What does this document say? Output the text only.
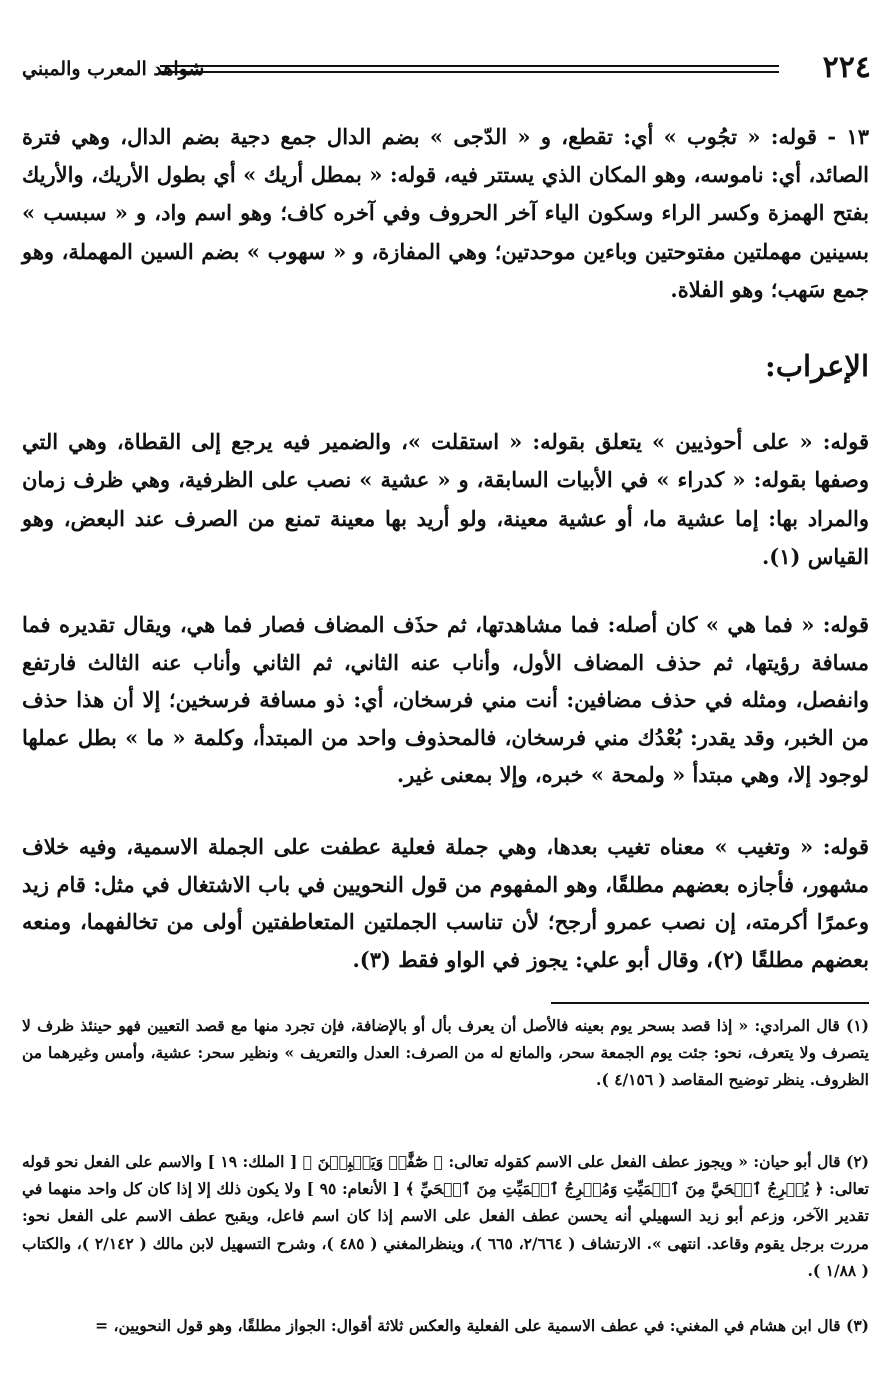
٢٢٤
شواهد المعرب والمبني

١٣ - قوله: « تجُوب » أي: تقطع، و « الدّجى » بضم الدال جمع دجية بضم الدال، وهي فترة الصائد، أي: ناموسه، وهو المكان الذي يستتر فيه، قوله: « بمطل أريك » أي بطول الأريك، والأريك بفتح الهمزة وكسر الراء وسكون الياء آخر الحروف وفي آخره كاف؛ وهو اسم واد، و « سبسب » بسينين مهملتين مفتوحتين وباءين موحدتين؛ وهي المفازة، و « سهوب » بضم السين المهملة، وهو جمع سَهب؛ وهو الفلاة.

الإعراب:

قوله: « على أحوذيين » يتعلق بقوله: « استقلت »، والضمير فيه يرجع إلى القطاة، وهي التي وصفها بقوله: « كدراء » في الأبيات السابقة، و « عشية » نصب على الظرفية، وهي ظرف زمان والمراد بها: إما عشية ما، أو عشية معينة، ولو أريد بها معينة تمنع من الصرف عند البعض، وهو القياس (١).

قوله: « فما هي » كان أصله: فما مشاهدتها، ثم حذَف المضاف فصار فما هي، ويقال تقديره فما مسافة رؤيتها، ثم حذف المضاف الأول، وأناب عنه الثاني، ثم الثاني وأناب عنه الثالث فارتفع وانفصل، ومثله في حذف مضافين: أنت مني فرسخان، أي: ذو مسافة فرسخين؛ إلا أن هذا حذف من الخبر، وقد يقدر: بُعْدُك مني فرسخان، فالمحذوف واحد من المبتدأ، وكلمة « ما » بطل عملها لوجود إلا، وهي مبتدأ « ولمحة » خبره، وإلا بمعنى غير.

قوله: « وتغيب » معناه تغيب بعدها، وهي جملة فعلية عطفت على الجملة الاسمية، وفيه خلاف مشهور، فأجازه بعضهم مطلقًا، وهو المفهوم من قول النحويين في باب الاشتغال في مثل: قام زيد وعمرًا أكرمته، إن نصب عمرو أرجح؛ لأن تناسب الجملتين المتعاطفتين أولى من تخالفهما، ومنعه بعضهم مطلقًا (٢)، وقال أبو علي: يجوز في الواو فقط (٣).

(١) قال المرادي: « إذا قصد بسحر يوم بعينه فالأصل أن يعرف بأل أو بالإضافة، فإن تجرد منها مع قصد التعيين فهو حينئذ ظرف لا يتصرف ولا يتعرف، نحو: جئت يوم الجمعة سحر، والمانع له من الصرف: العدل والتعريف » ونظير سحر: عشية، وأمس وغيرهما من الظروف. ينظر توضيح المقاصد ( ٤/١٥٦ ).

(٢) قال أبو حيان: « ويجوز عطف الفعل على الاسم كقوله تعالى: ﴿ صَٰٓفَّٰتٖ وَيَقۡبِضۡنَ ﴾ [ الملك: ١٩ ] والاسم على الفعل نحو قوله تعالى: ﴿ يُخۡرِجُ ٱلۡحَيَّ مِنَ ٱلۡمَيِّتِ وَمُخۡرِجُ ٱلۡمَيِّتِ مِنَ ٱلۡحَيِّ ﴾ [ الأنعام: ٩٥ ] ولا يكون ذلك إلا إذا كان كل واحد منهما في تقدير الآخر، وزعم أبو زيد السهيلي أنه يحسن عطف الفعل على الاسم إذا كان اسم فاعل، ويقبح عطف الاسم على الفعل نحو: مررت برجل يقوم وقاعد. انتهى ». الارتشاف ( ٢/٦٦٤، ٦٦٥ )، وينظرالمغني ( ٤٨٥ )، وشرح التسهيل لابن مالك ( ٢/١٤٢ )، والكتاب ( ١/٨٨ ).

(٣) قال ابن هشام في المغني: في عطف الاسمية على الفعلية والعكس ثلاثة أقوال: الجواز مطلقًا، وهو قول النحويين، =
